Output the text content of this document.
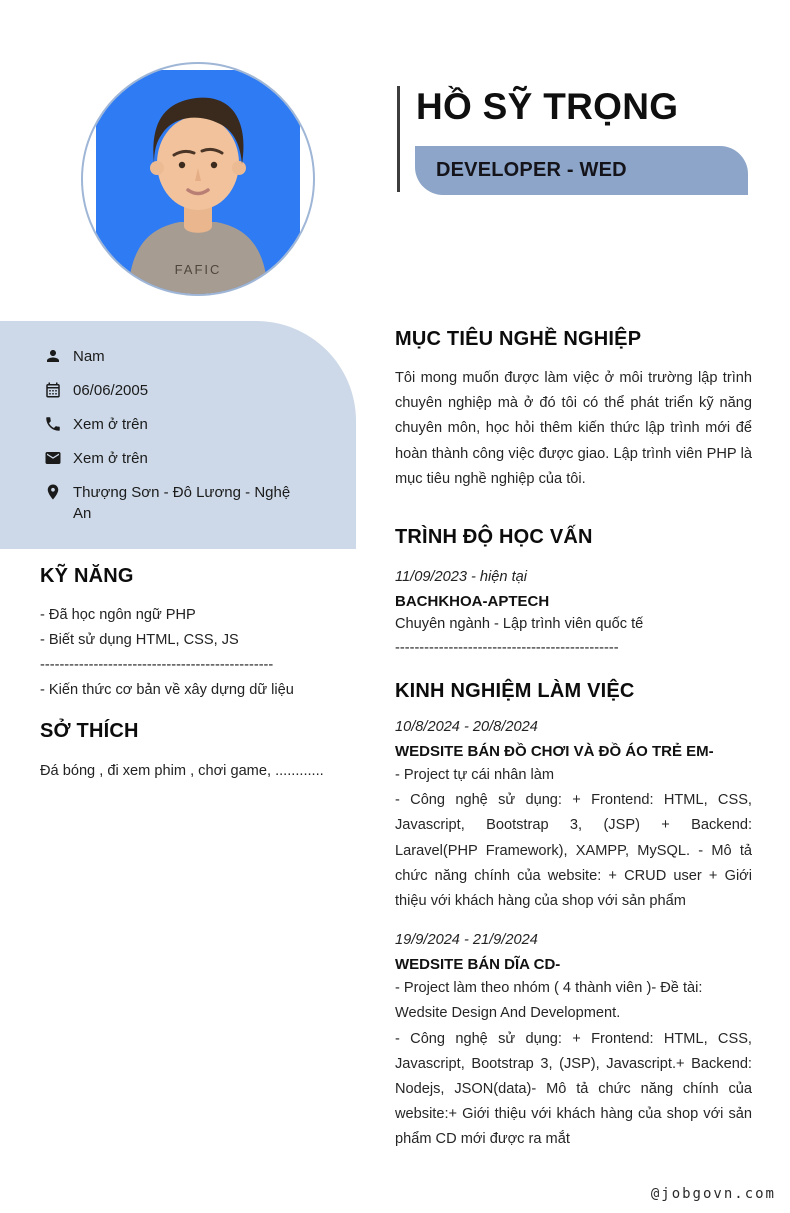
FAFIC
HỒ SỸ TRỌNG
DEVELOPER - WED
Nam
06/06/2005
Xem ở trên
Xem ở trên
Thượng Sơn - Đô Lương - Nghệ An
KỸ NĂNG
- Đã học ngôn ngữ PHP
- Biết sử dụng HTML, CSS, JS
------------------------------------------------
- Kiến thức cơ bản về xây dựng dữ liệu
SỞ THÍCH
Đá bóng , đi xem phim , chơi game, ............
MỤC TIÊU NGHỀ NGHIỆP
Tôi mong muốn được làm việc ở môi trường lập trình chuyên nghiệp mà ở đó tôi có thể phát triển kỹ năng chuyên môn, học hỏi thêm kiến thức lập trình mới để hoàn thành công việc được giao. Lập trình viên PHP là mục tiêu nghề nghiệp của tôi.
TRÌNH ĐỘ HỌC VẤN
11/09/2023 - hiện tại
BACHKHOA-APTECH
Chuyên ngành - Lập trình viên quốc tế
----------------------------------------------
KINH NGHIỆM LÀM VIỆC
10/8/2024 - 20/8/2024
WEDSITE BÁN ĐỒ CHƠI VÀ ĐỒ ÁO TRẺ EM-
- Project tự cái nhân làm
- Công nghệ sử dụng: + Frontend: HTML, CSS, Javascript, Bootstrap 3, (JSP) + Backend: Laravel(PHP Framework), XAMPP, MySQL. - Mô tả chức năng chính của website: + CRUD user + Giới thiệu với khách hàng của shop với sản phẩm
19/9/2024 - 21/9/2024
WEDSITE BÁN DĨA CD-
- Project làm theo nhóm ( 4 thành viên )- Đề tài: Wedsite Design And Development.
- Công nghệ sử dụng: + Frontend: HTML, CSS, Javascript, Bootstrap 3, (JSP), Javascript.+ Backend: Nodejs, JSON(data)- Mô tả chức năng chính của website:+ Giới thiệu với khách hàng của shop với sản phẩm CD mới được ra mắt
@jobgovn.com
